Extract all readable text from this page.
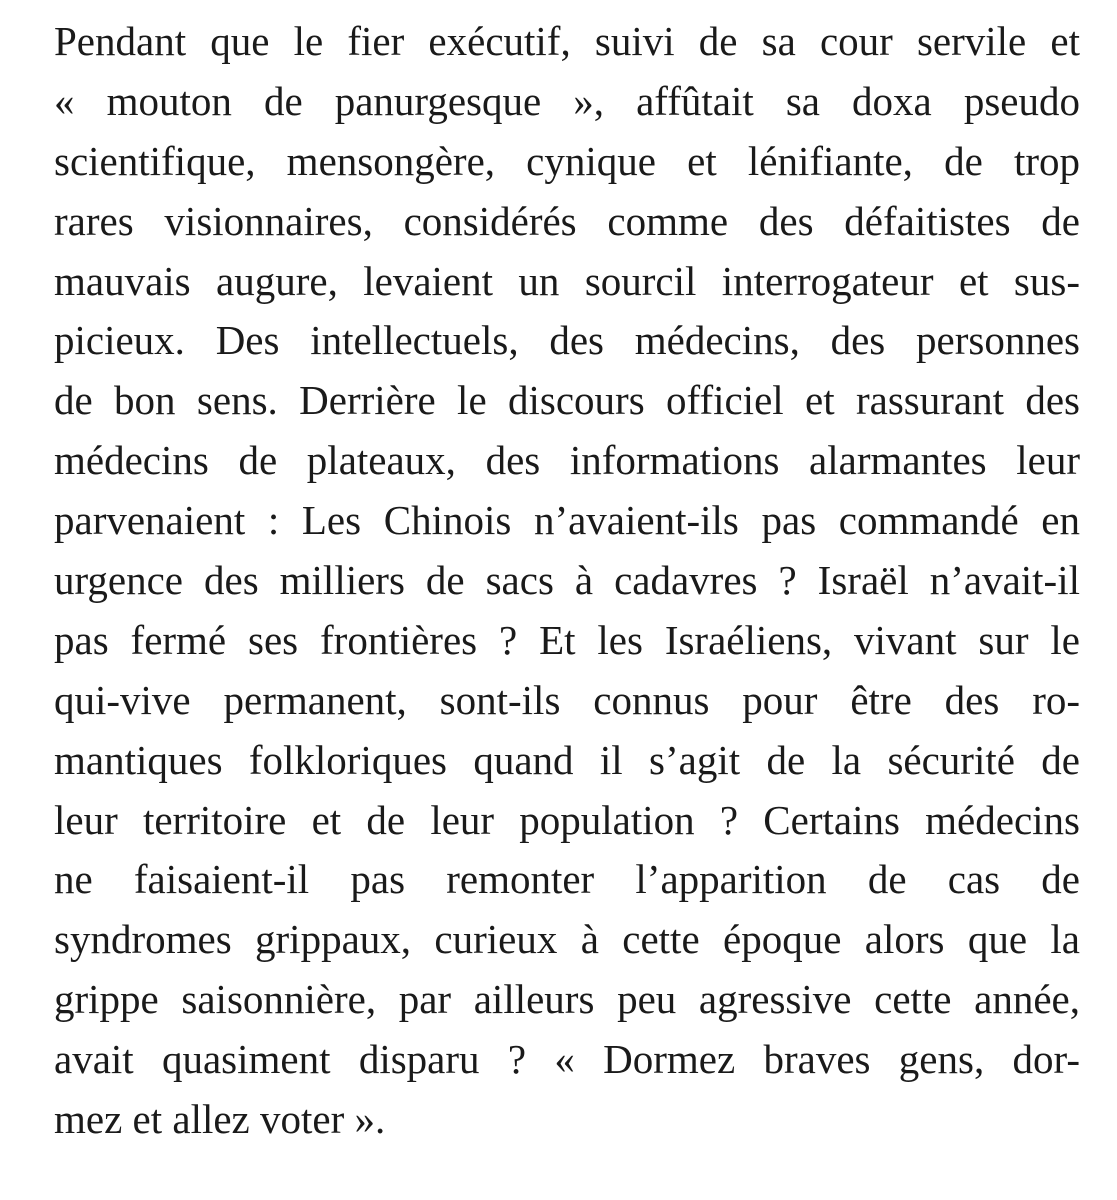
Pendant que le fier exécutif, suivi de sa cour servile et
« mouton de panurgesque », affûtait sa doxa pseudo
scientifique, mensongère, cynique et lénifiante, de trop
rares visionnaires, considérés comme des défaitistes de
mauvais augure, levaient un sourcil interrogateur et sus-
picieux. Des intellectuels, des médecins, des personnes
de bon sens. Derrière le discours officiel et rassurant des
médecins de plateaux, des informations alarmantes leur
parvenaient : Les Chinois n’avaient-ils pas commandé en
urgence des milliers de sacs à cadavres ? Israël n’avait-il
pas fermé ses frontières ? Et les Israéliens, vivant sur le
qui-vive permanent, sont-ils connus pour être des ro-
mantiques folkloriques quand il s’agit de la sécurité de
leur territoire et de leur population ? Certains médecins
ne faisaient-il pas remonter l’apparition de cas de
syndromes grippaux, curieux à cette époque alors que la
grippe saisonnière, par ailleurs peu agressive cette année,
avait quasiment disparu ? « Dormez braves gens, dor-
mez et allez voter ».
